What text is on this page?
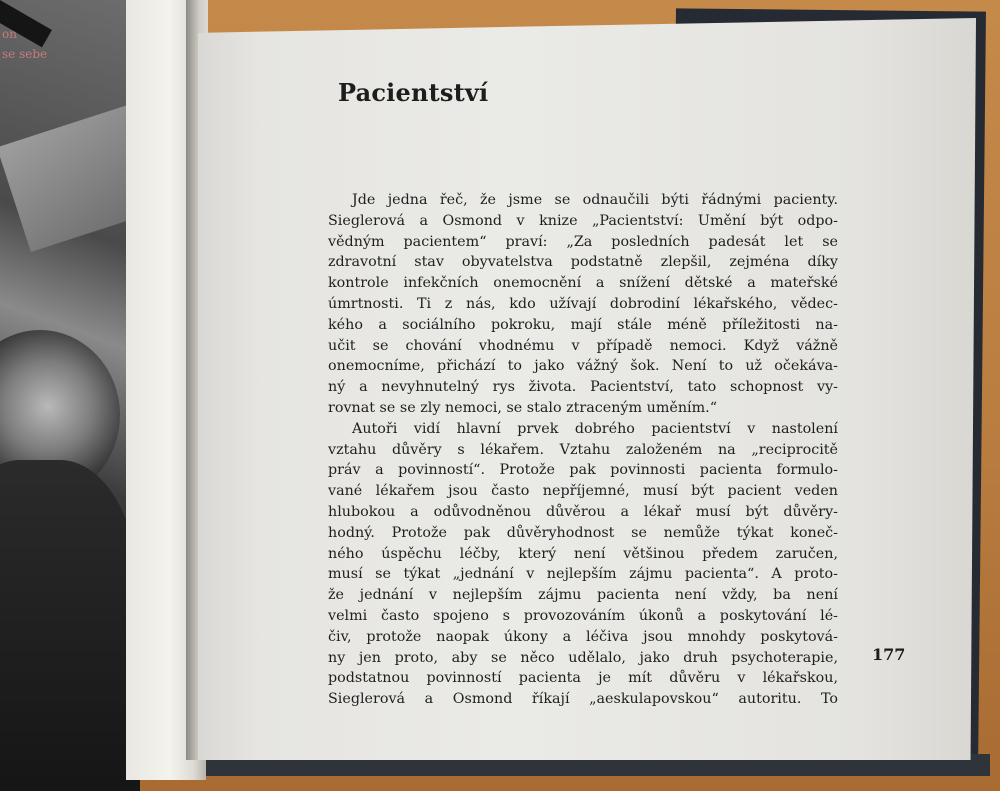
on
se sebe
Pacientství
Jde jedna řeč, že jsme se odnaučili býti řádnými pacienty.
Sieglerová a Osmond v knize „Pacientství: Umění být odpo-
vědným pacientem“ praví: „Za posledních padesát let se
zdravotní stav obyvatelstva podstatně zlepšil, zejména díky
kontrole infekčních onemocnění a snížení dětské a mateřské
úmrtnosti. Ti z nás, kdo užívají dobrodiní lékařského, vědec-
kého a sociálního pokroku, mají stále méně příležitosti na-
učit se chování vhodnému v případě nemoci. Když vážně
onemocníme, přichází to jako vážný šok. Není to už očekáva-
ný a nevyhnutelný rys života. Pacientství, tato schopnost vy-
rovnat se se zly nemoci, se stalo ztraceným uměním.“
Autoři vidí hlavní prvek dobrého pacientství v nastolení
vztahu důvěry s lékařem. Vztahu založeném na „reciprocitě
práv a povinností“. Protože pak povinnosti pacienta formulo-
vané lékařem jsou často nepříjemné, musí být pacient veden
hlubokou a odůvodněnou důvěrou a lékař musí být důvěry-
hodný. Protože pak důvěryhodnost se nemůže týkat koneč-
ného úspěchu léčby, který není většinou předem zaručen,
musí se týkat „jednání v nejlepším zájmu pacienta“. A proto-
že jednání v nejlepším zájmu pacienta není vždy, ba není
velmi často spojeno s provozováním úkonů a poskytování lé-
čiv, protože naopak úkony a léčiva jsou mnohdy poskytová-
ny jen proto, aby se něco udělalo, jako druh psychoterapie,
podstatnou povinností pacienta je mít důvěru v lékařskou,
Sieglerová a Osmond říkají „aeskulapovskou“ autoritu. To
177
